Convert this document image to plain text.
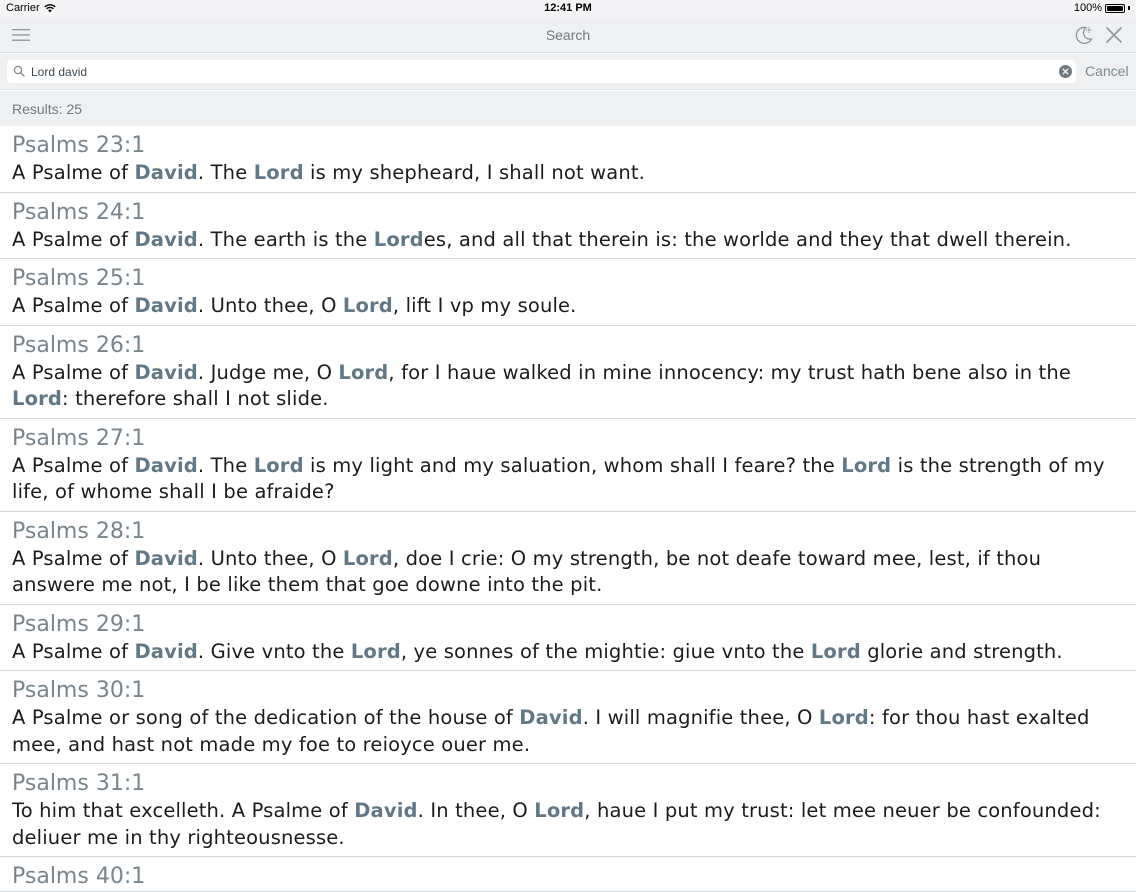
Carrier	12:41 PM	100%
Search
Lord david
Cancel
Results: 25
Psalms 23:1
A Psalme of David. The Lord is my shepheard, I shall not want.
Psalms 24:1
A Psalme of David. The earth is the Lordes, and all that therein is: the worlde and they that dwell therein.
Psalms 25:1
A Psalme of David. Unto thee, O Lord, lift I vp my soule.
Psalms 26:1
A Psalme of David. Judge me, O Lord, for I haue walked in mine innocency: my trust hath bene also in the Lord: therefore shall I not slide.
Psalms 27:1
A Psalme of David. The Lord is my light and my saluation, whom shall I feare? the Lord is the strength of my life, of whome shall I be afraide?
Psalms 28:1
A Psalme of David. Unto thee, O Lord, doe I crie: O my strength, be not deafe toward mee, lest, if thou answere me not, I be like them that goe downe into the pit.
Psalms 29:1
A Psalme of David. Give vnto the Lord, ye sonnes of the mightie: giue vnto the Lord glorie and strength.
Psalms 30:1
A Psalme or song of the dedication of the house of David. I will magnifie thee, O Lord: for thou hast exalted mee, and hast not made my foe to reioyce ouer me.
Psalms 31:1
To him that excelleth. A Psalme of David. In thee, O Lord, haue I put my trust: let mee neuer be confounded: deliuer me in thy righteousnesse.
Psalms 40:1
